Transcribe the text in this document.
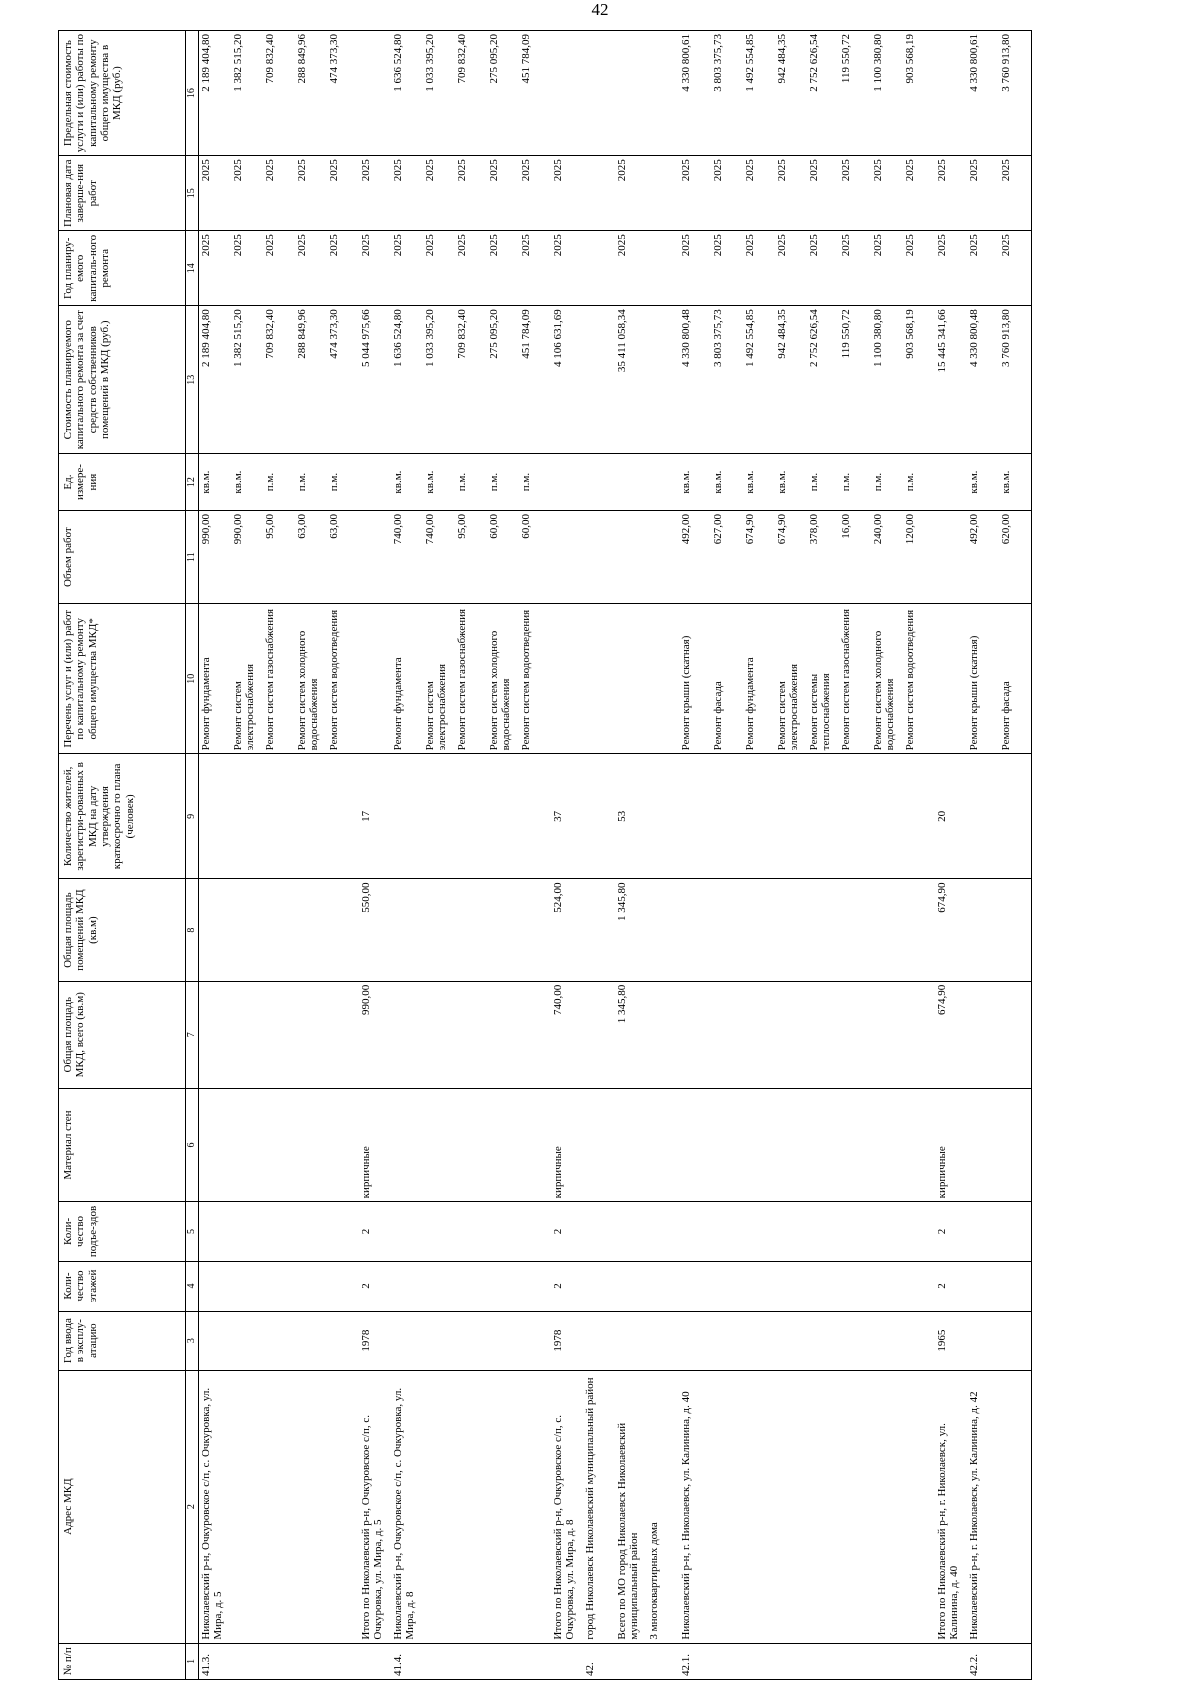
42
№ п/п	Адрес МКД	Год ввода в эксплу-атацию	Коли-чество этажей	Коли-чество подъе-здов	Материал стен	Общая площадь МКД, всего (кв.м)	Общая площадь помещений МКД (кв.м)	Количество жителей, зарегистри-рованных в МКД на дату утверждения краткосрочно го плана (человек)	Перечень услуг и (или) работ по капитальному ремонту общего имущества МКД*	Объем работ	Ед. измере-ния	Стоимость планируемого капитального ремонта за счет средств собственников помещений в МКД (руб.)	Год планиру-емого капиталь-ного ремонта	Плановая дата заверше-ния работ	Предельная стоимость услуги и (или) работы по капитальному ремонту общего имущества в МКД (руб.)
1	2	3	4	5	6	7	8	9	10	11	12	13	14	15	16
41.3.	Николаевский р-н, Очкуровское с/п, с. Очкуровка, ул. Мира, д. 5								Ремонт фундамента	990,00	кв.м.	2 189 404,80	2025	2025	2 189 404,80
									Ремонт систем электроснабжения	990,00	кв.м.	1 382 515,20	2025	2025	1 382 515,20
									Ремонт систем газоснабжения	95,00	п.м.	709 832,40	2025	2025	709 832,40
									Ремонт систем холодного водоснабжения	63,00	п.м.	288 849,96	2025	2025	288 849,96
									Ремонт систем водоотведения	63,00	п.м.	474 373,30	2025	2025	474 373,30
	Итого по Николаевский р-н, Очкуровское с/п, с. Очкуровка, ул. Мира, д. 5	1978	2	2	кирпичные	990,00	550,00	17				5 044 975,66	2025	2025	
41.4.	Николаевский р-н, Очкуровское с/п, с. Очкуровка, ул. Мира, д. 8								Ремонт фундамента	740,00	кв.м.	1 636 524,80	2025	2025	1 636 524,80
									Ремонт систем электроснабжения	740,00	кв.м.	1 033 395,20	2025	2025	1 033 395,20
									Ремонт систем газоснабжения	95,00	п.м.	709 832,40	2025	2025	709 832,40
									Ремонт систем холодного водоснабжения	60,00	п.м.	275 095,20	2025	2025	275 095,20
									Ремонт систем водоотведения	60,00	п.м.	451 784,09	2025	2025	451 784,09
	Итого по Николаевский р-н, Очкуровское с/п, с. Очкуровка, ул. Мира, д. 8	1978	2	2	кирпичные	740,00	524,00	37				4 106 631,69	2025	2025	
42.	город Николаевск Николаевский муниципальный район														
	Всего по МО город Николаевск Николаевский муниципальный район					1 345,80	1 345,80	53				35 411 058,34	2025	2025	
	3 многоквартирных дома														
42.1.	Николаевский р-н, г. Николаевск, ул. Калинина, д. 40								Ремонт крыши (скатная)	492,00	кв.м.	4 330 800,48	2025	2025	4 330 800,61
									Ремонт фасада	627,00	кв.м.	3 803 375,73	2025	2025	3 803 375,73
									Ремонт фундамента	674,90	кв.м.	1 492 554,85	2025	2025	1 492 554,85
									Ремонт систем электроснабжения	674,90	кв.м.	942 484,35	2025	2025	942 484,35
									Ремонт системы теплоснабжения	378,00	п.м.	2 752 626,54	2025	2025	2 752 626,54
									Ремонт систем газоснабжения	16,00	п.м.	119 550,72	2025	2025	119 550,72
									Ремонт систем холодного водоснабжения	240,00	п.м.	1 100 380,80	2025	2025	1 100 380,80
									Ремонт систем водоотведения	120,00	п.м.	903 568,19	2025	2025	903 568,19
	Итого по Николаевский р-н, г. Николаевск, ул. Калинина, д. 40	1965	2	2	кирпичные	674,90	674,90	20				15 445 341,66	2025	2025	
42.2.	Николаевский р-н, г. Николаевск, ул. Калинина, д. 42								Ремонт крыши (скатная)	492,00	кв.м.	4 330 800,48	2025	2025	4 330 800,61
									Ремонт фасада	620,00	кв.м.	3 760 913,80	2025	2025	3 760 913,80
